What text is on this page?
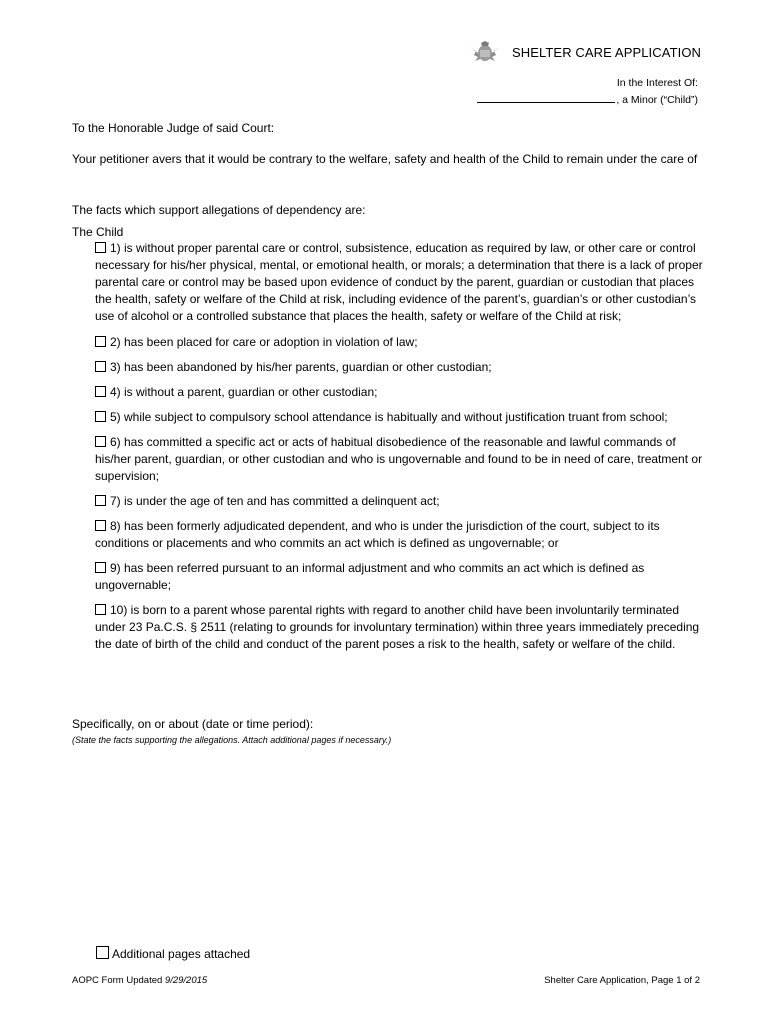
SHELTER CARE APPLICATION
In the Interest Of:
, a Minor (“Child”)
To the Honorable Judge of said Court:
Your petitioner avers that it would be contrary to the welfare, safety and health of the Child to remain under the care of
The facts which support allegations of dependency are:
The Child
1) is without proper parental care or control, subsistence, education as required by law, or other care or control necessary for his/her physical, mental, or emotional health, or morals; a determination that there is a lack of proper parental care or control may be based upon evidence of conduct by the parent, guardian or custodian that places the health, safety or welfare of the Child at risk, including evidence of the parent’s, guardian’s or other custodian’s use of alcohol or a controlled substance that places the health, safety or welfare of the Child at risk;
2) has been placed for care or adoption in violation of law;
3) has been abandoned by his/her parents, guardian or other custodian;
4) is without a parent, guardian or other custodian;
5) while subject to compulsory school attendance is habitually and without justification truant from school;
6) has committed a specific act or acts of habitual disobedience of the reasonable and lawful commands of his/her parent, guardian, or other custodian and who is ungovernable and found to be in need of care, treatment or supervision;
7) is under the age of ten and has committed a delinquent act;
8) has been formerly adjudicated dependent, and who is under the jurisdiction of the court, subject to its conditions or placements and who commits an act which is defined as ungovernable; or
9) has been referred pursuant to an informal adjustment and who commits an act which is defined as ungovernable;
10) is born to a parent whose parental rights with regard to another child have been involuntarily terminated under 23 Pa.C.S. § 2511 (relating to grounds for involuntary termination) within three years immediately preceding the date of birth of the child and conduct of the parent poses a risk to the health, safety or welfare of the child.
Specifically, on or about (date or time period):
(State the facts supporting the allegations. Attach additional pages if necessary.)
Additional pages attached
AOPC Form Updated 9/29/2015	Shelter Care Application, Page 1 of 2
